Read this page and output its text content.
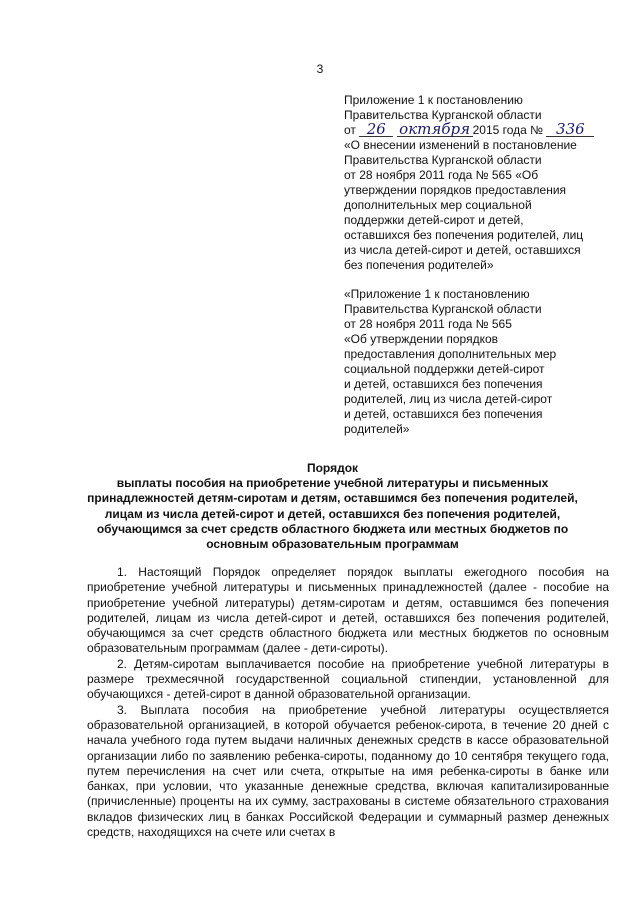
3
Приложение 1 к постановлению
Правительства Курганской области
от 26 октября 2015 года № 336
«О внесении изменений в постановление
Правительства Курганской области
от 28 ноября 2011 года № 565 «Об
утверждении порядков предоставления
дополнительных мер социальной
поддержки детей-сирот и детей,
оставшихся без попечения родителей, лиц
из числа детей-сирот и детей, оставшихся
без попечения родителей»
«Приложение 1 к постановлению
Правительства Курганской области
от 28 ноября 2011 года № 565
«Об утверждении порядков
предоставления дополнительных мер
социальной поддержки детей-сирот
и детей, оставшихся без попечения
родителей, лиц из числа детей-сирот
и детей, оставшихся без попечения
родителей»
Порядок
выплаты пособия на приобретение учебной литературы и письменных
принадлежностей детям-сиротам и детям, оставшимся без попечения родителей,
лицам из числа детей-сирот и детей, оставшихся без попечения родителей,
обучающимся за счет средств областного бюджета или местных бюджетов по
основным образовательным программам

1. Настоящий Порядок определяет порядок выплаты ежегодного пособия на приобретение учебной литературы и письменных принадлежностей (далее - пособие на приобретение учебной литературы) детям-сиротам и детям, оставшимся без попечения родителей, лицам из числа детей-сирот и детей, оставшихся без попечения родителей, обучающимся за счет средств областного бюджета или местных бюджетов по основным образовательным программам (далее - дети-сироты).

2. Детям-сиротам выплачивается пособие на приобретение учебной литературы в размере трехмесячной государственной социальной стипендии, установленной для обучающихся - детей-сирот в данной образовательной организации.

3. Выплата пособия на приобретение учебной литературы осуществляется образовательной организацией, в которой обучается ребенок-сирота, в течение 20 дней с начала учебного года путем выдачи наличных денежных средств в кассе образовательной организации либо по заявлению ребенка-сироты, поданному до 10 сентября текущего года, путем перечисления на счет или счета, открытые на имя ребенка-сироты в банке или банках, при условии, что указанные денежные средства, включая капитализированные (причисленные) проценты на их сумму, застрахованы в системе обязательного страхования вкладов физических лиц в банках Российской Федерации и суммарный размер денежных средств, находящихся на счете или счетах в
